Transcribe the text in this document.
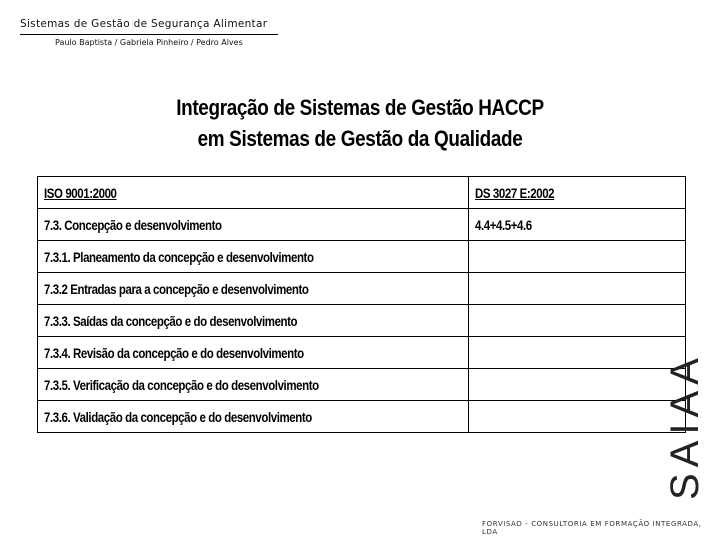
Sistemas de Gestão de Segurança Alimentar
Paulo Baptista / Gabriela Pinheiro / Pedro Alves
Integração de Sistemas de Gestão HACCP
em Sistemas de Gestão da Qualidade
ISO 9001:2000	DS 3027 E:2002
7.3. Concepção e desenvolvimento	4.4+4.5+4.6
7.3.1. Planeamento da concepção e desenvolvimento	
7.3.2 Entradas para a concepção e desenvolvimento	
7.3.3. Saídas da concepção e do desenvolvimento	
7.3.4. Revisão da concepção e do desenvolvimento	
7.3.5. Verificação da concepção e do desenvolvimento	
7.3.6. Validação da concepção e do desenvolvimento		SAIAA
FORVISAO - CONSULTORIA EM FORMAÇÃO INTEGRADA, LDA
